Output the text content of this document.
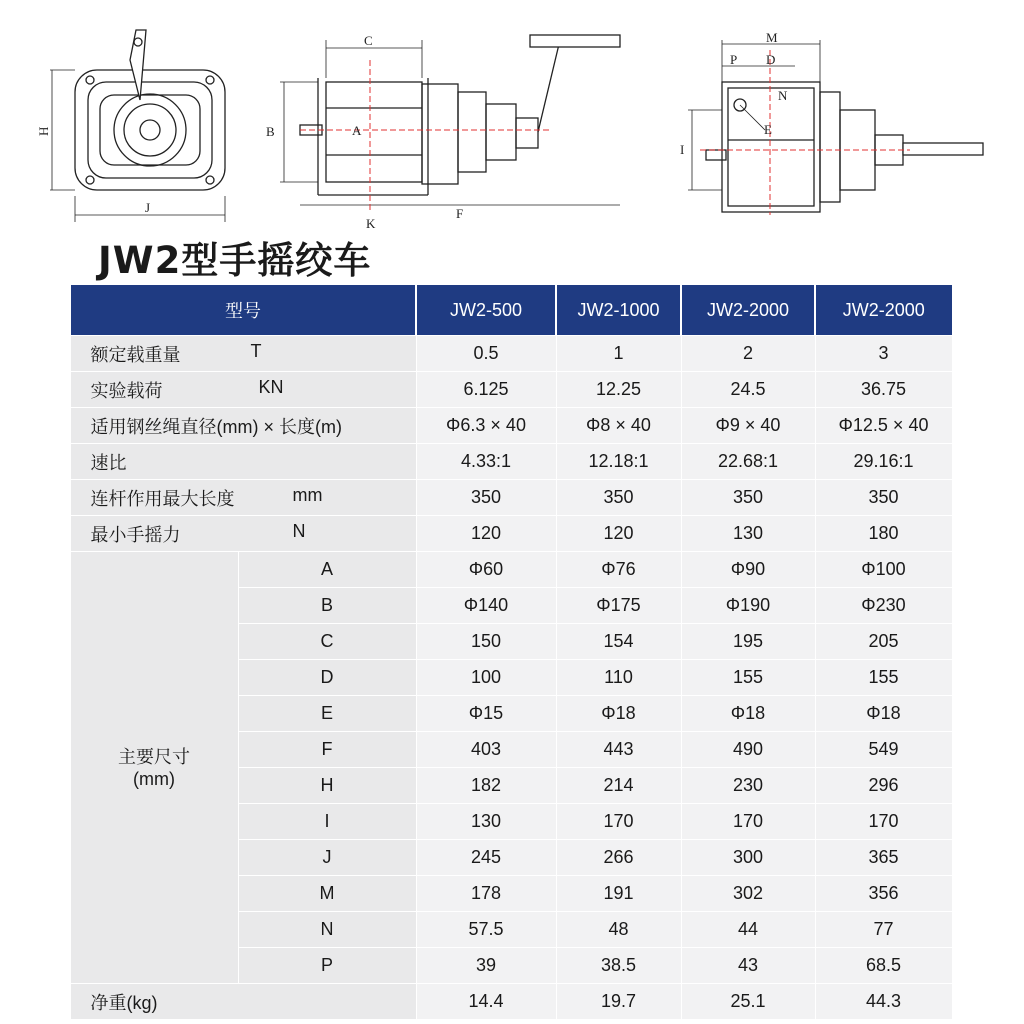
H
J
C
B	A
F
K
M
P D
N
E
I
JW2型手摇绞车
型号		JW2-500	JW2-1000	JW2-2000	JW2-2000
额定载重量 T		0.5	1	2	3
实验载荷 KN		6.125	12.25	24.5	36.75
适用钢丝绳直径(mm) × 长度(m)		Φ6.3 × 40	Φ8 × 40	Φ9 × 40	Φ12.5 × 40
速比		4.33:1	12.18:1	22.68:1	29.16:1
连杆作用最大长度 mm		350	350	350	350
最小手摇力 N		120	120	130	180

主要尺寸
(mm)	A	Φ60	Φ76	Φ90	Φ100
	B	Φ140	Φ175	Φ190	Φ230
	C	150	154	195	205
	D	100	110	155	155
	E	Φ15	Φ18	Φ18	Φ18
	F	403	443	490	549
	H	182	214	230	296
	I	130	170	170	170
	J	245	266	300	365
	M	178	191	302	356
	N	57.5	48	44	77
	P	39	38.5	43	68.5
净重(kg)		14.4	19.7	25.1	44.3
